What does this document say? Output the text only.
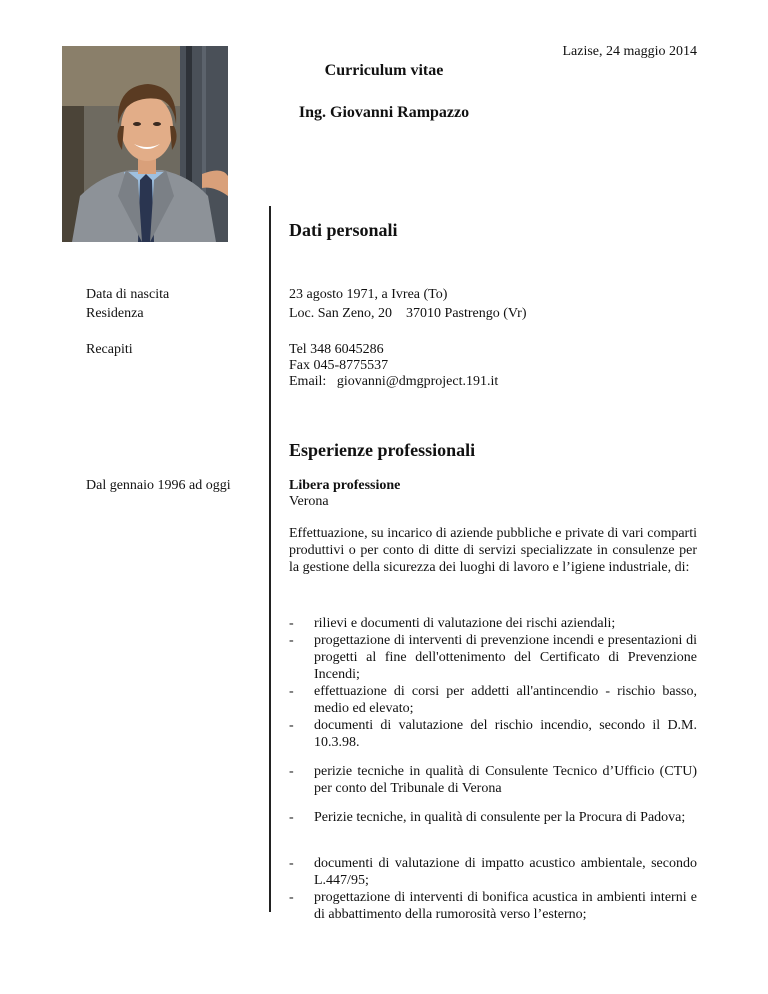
Lazise, 24 maggio 2014
Curriculum vitae
Ing. Giovanni Rampazzo
Dati personali
Data di nascita	23 agosto 1971, a Ivrea (To)
Residenza	Loc. San Zeno, 20    37010 Pastrengo (Vr)
Recapiti	Tel 348 6045286
Fax 045-8775537
Email:   giovanni@dmgproject.191.it
Esperienze professionali
Dal gennaio 1996 ad oggi	Libera professione
Verona
Effettuazione, su incarico di aziende pubbliche e private di vari comparti produttivi o per conto di ditte di servizi specializzate in consulenze per la gestione della sicurezza dei luoghi di lavoro e l’igiene industriale, di:
- rilievi e documenti di valutazione dei rischi aziendali;
- progettazione di interventi di prevenzione incendi e presentazioni di progetti al fine dell'ottenimento del Certificato di Prevenzione Incendi;
- effettuazione di corsi per addetti all'antincendio - rischio basso, medio ed elevato;
- documenti di valutazione del rischio incendio, secondo il D.M. 10.3.98.
- perizie tecniche in qualità di Consulente Tecnico d’Ufficio (CTU) per conto del Tribunale di Verona
- Perizie tecniche, in qualità di consulente per la Procura di Padova;
- documenti di valutazione di impatto acustico ambientale, secondo L.447/95;
- progettazione di interventi di bonifica acustica in ambienti interni e di abbattimento della rumorosità verso l’esterno;
